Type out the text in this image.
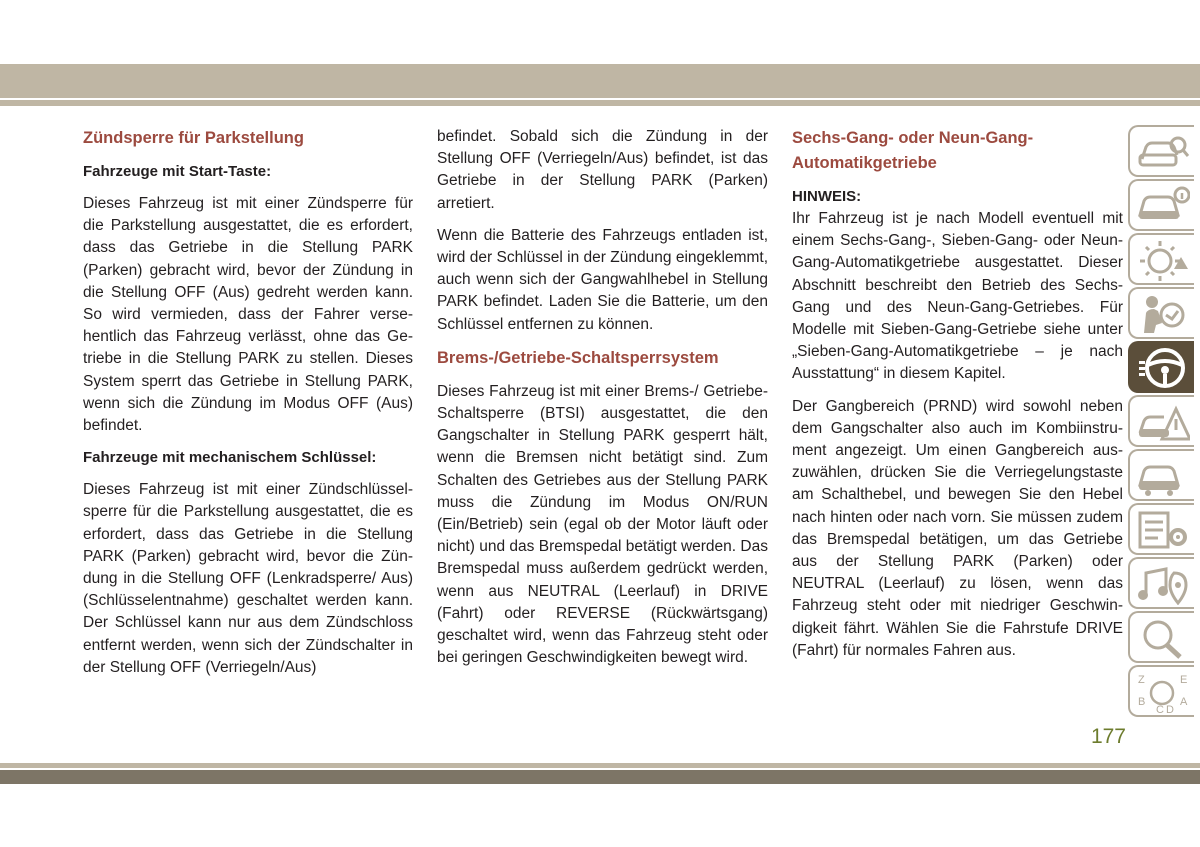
Zündsperre für Parkstellung
Fahrzeuge mit Start-Taste:

Dieses Fahrzeug ist mit einer Zündsperre für die Parkstellung ausgestattet, die es erfordert, dass das Getriebe in die Stellung PARK (Parken) gebracht wird, bevor der Zündung in die Stellung OFF (Aus) gedreht werden kann. So wird vermieden, dass der Fahrer versehentlich das Fahrzeug verlässt, ohne das Getriebe in die Stellung PARK zu stellen. Dieses System sperrt das Getriebe in Stellung PARK, wenn sich die Zündung im Modus OFF (Aus) befindet.

Fahrzeuge mit mechanischem Schlüssel:

Dieses Fahrzeug ist mit einer Zündschlüsselsperre für die Parkstellung ausgestattet, die es erfordert, dass das Getriebe in die Stellung PARK (Parken) gebracht wird, bevor die Zündung in die Stellung OFF (Lenkradsperre/ Aus) (Schlüsselentnahme) geschaltet werden kann. Der Schlüssel kann nur aus dem Zündschloss entfernt werden, wenn sich der Zündschalter in der Stellung OFF (Verriegeln/Aus)

befindet. Sobald sich die Zündung in der Stellung OFF (Verriegeln/Aus) befindet, ist das Getriebe in der Stellung PARK (Parken) arretiert.

Wenn die Batterie des Fahrzeugs entladen ist, wird der Schlüssel in der Zündung eingeklemmt, auch wenn sich der Gangwahlhebel in Stellung PARK befindet. Laden Sie die Batterie, um den Schlüssel entfernen zu können.

Brems-/Getriebe-Schaltsperrsystem

Dieses Fahrzeug ist mit einer Brems-/ Getriebe-Schaltsperre (BTSI) ausgestattet, die den Gangschalter in Stellung PARK gesperrt hält, wenn die Bremsen nicht betätigt sind. Zum Schalten des Getriebes aus der Stellung PARK muss die Zündung im Modus ON/RUN (Ein/Betrieb) sein (egal ob der Motor läuft oder nicht) und das Bremspedal betätigt werden. Das Bremspedal muss außerdem gedrückt werden, wenn aus NEUTRAL (Leerlauf) in DRIVE (Fahrt) oder REVERSE (Rückwärtsgang) geschaltet wird, wenn das Fahrzeug steht oder bei geringen Geschwindigkeiten bewegt wird.

Sechs-Gang- oder Neun-Gang-Automatikgetriebe
HINWEIS:

Ihr Fahrzeug ist je nach Modell eventuell mit einem Sechs-Gang-, Sieben-Gang- oder Neun-Gang-Automatikgetriebe ausgestattet. Dieser Abschnitt beschreibt den Betrieb des Sechs-Gang und des Neun-Gang-Getriebes. Für Modelle mit Sieben-Gang-Getriebe siehe unter „Sieben-Gang-Automatikgetriebe – je nach Ausstattung“ in diesem Kapitel.

Der Gangbereich (PRND) wird sowohl neben dem Gangschalter also auch im Kombiinstrument angezeigt. Um einen Gangbereich auszuwählen, drücken Sie die Verriegelungstaste am Schalthebel, und bewegen Sie den Hebel nach hinten oder nach vorn. Sie müssen zudem das Bremspedal betätigen, um das Getriebe aus der Stellung PARK (Parken) oder NEUTRAL (Leerlauf) zu lösen, wenn das Fahrzeug steht oder mit niedriger Geschwindigkeit fährt. Wählen Sie die Fahrstufe DRIVE (Fahrt) für normales Fahren aus.

Z	E
B	A
C D
177
